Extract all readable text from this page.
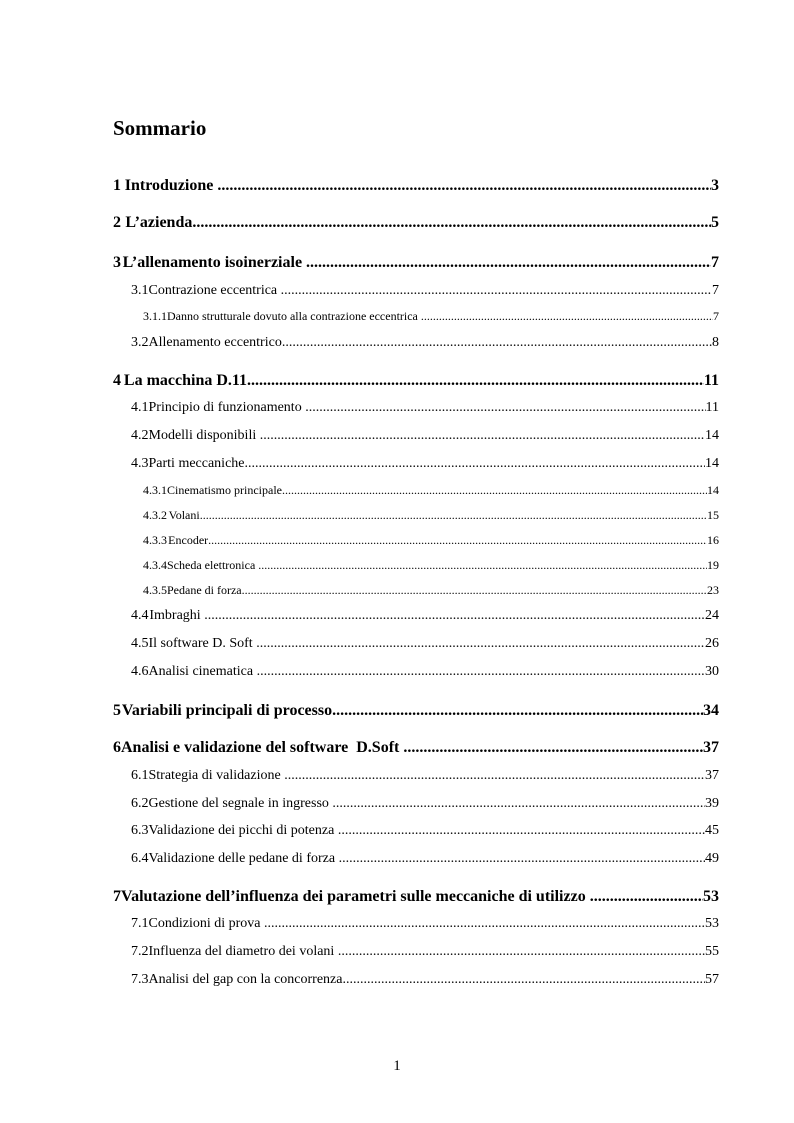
Sommario
1 Introduzione .....	3
2 L’azienda .....	5
3 L’allenamento isoinerziale .....	7
3.1 Contrazione eccentrica .....	7
3.1.1 Danno strutturale dovuto alla contrazione eccentrica .....	7
3.2 Allenamento eccentrico .....	8
4 La macchina D.11 .....	11
4.1 Principio di funzionamento .....	11
4.2 Modelli disponibili .....	14
4.3 Parti meccaniche .....	14
4.3.1 Cinematismo principale .....	14
4.3.2 Volani .....	15
4.3.3 Encoder .....	16
4.3.4 Scheda elettronica .....	19
4.3.5 Pedane di forza .....	23
4.4 Imbraghi .....	24
4.5 Il software D. Soft .....	26
4.6 Analisi cinematica .....	30
5 Variabili principali di processo .....	34
6 Analisi e validazione del software  D.Soft .....	37
6.1 Strategia di validazione .....	37
6.2 Gestione del segnale in ingresso .....	39
6.3 Validazione dei picchi di potenza .....	45
6.4 Validazione delle pedane di forza .....	49
7 Valutazione dell’influenza dei parametri sulle meccaniche di utilizzo .....	53
7.1 Condizioni di prova .....	53
7.2 Influenza del diametro dei volani .....	55
7.3 Analisi del gap con la concorrenza .....	57
1
